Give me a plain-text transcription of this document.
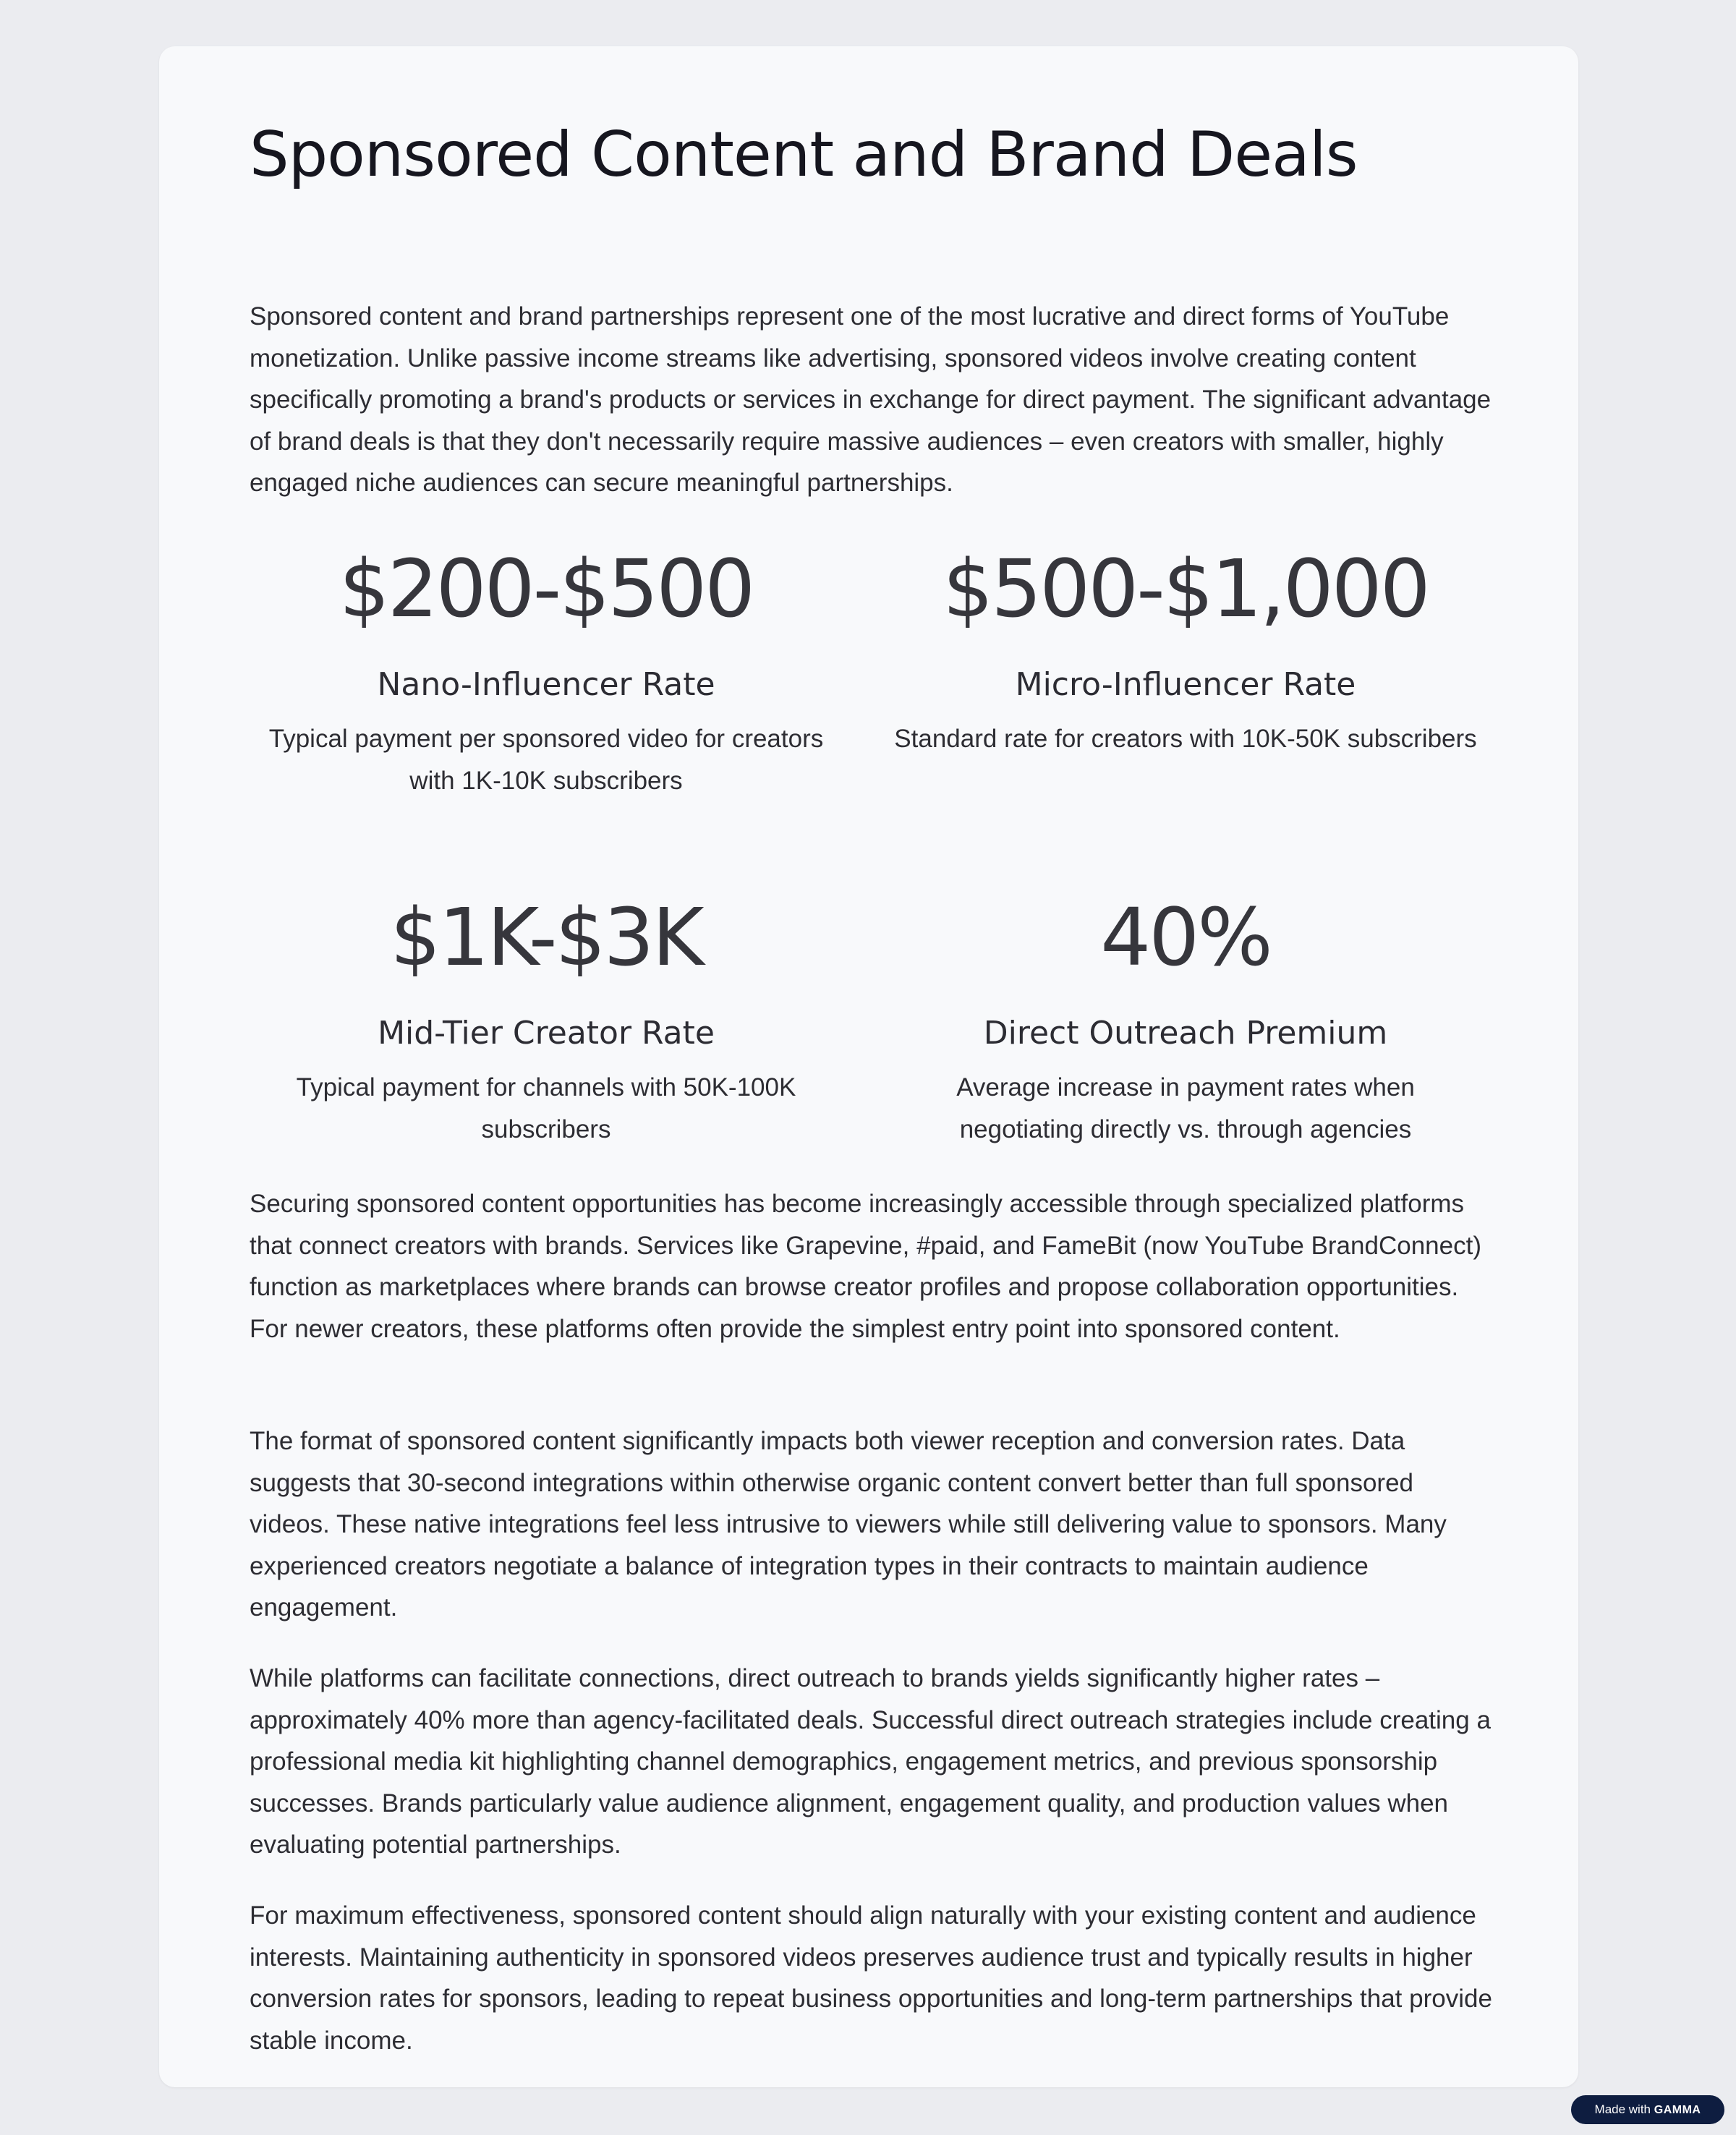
Sponsored Content and Brand Deals

Sponsored content and brand partnerships represent one of the most lucrative and direct forms of YouTube monetization. Unlike passive income streams like advertising, sponsored videos involve creating content specifically promoting a brand's products or services in exchange for direct payment. The significant advantage of brand deals is that they don't necessarily require massive audiences – even creators with smaller, highly engaged niche audiences can secure meaningful partnerships.

$200-$500
Nano-Influencer Rate
Typical payment per sponsored video for creators with 1K-10K subscribers
$500-$1,000
Micro-Influencer Rate
Standard rate for creators with 10K-50K subscribers
$1K-$3K
Mid-Tier Creator Rate
Typical payment for channels with 50K-100K subscribers
40%
Direct Outreach Premium
Average increase in payment rates when negotiating directly vs. through agencies

Securing sponsored content opportunities has become increasingly accessible through specialized platforms that connect creators with brands. Services like Grapevine, #paid, and FameBit (now YouTube BrandConnect) function as marketplaces where brands can browse creator profiles and propose collaboration opportunities. For newer creators, these platforms often provide the simplest entry point into sponsored content.

The format of sponsored content significantly impacts both viewer reception and conversion rates. Data suggests that 30-second integrations within otherwise organic content convert better than full sponsored videos. These native integrations feel less intrusive to viewers while still delivering value to sponsors. Many experienced creators negotiate a balance of integration types in their contracts to maintain audience engagement.

While platforms can facilitate connections, direct outreach to brands yields significantly higher rates – approximately 40% more than agency-facilitated deals. Successful direct outreach strategies include creating a professional media kit highlighting channel demographics, engagement metrics, and previous sponsorship successes. Brands particularly value audience alignment, engagement quality, and production values when evaluating potential partnerships.

For maximum effectiveness, sponsored content should align naturally with your existing content and audience interests. Maintaining authenticity in sponsored videos preserves audience trust and typically results in higher conversion rates for sponsors, leading to repeat business opportunities and long-term partnerships that provide stable income.

Made with GAMMA
